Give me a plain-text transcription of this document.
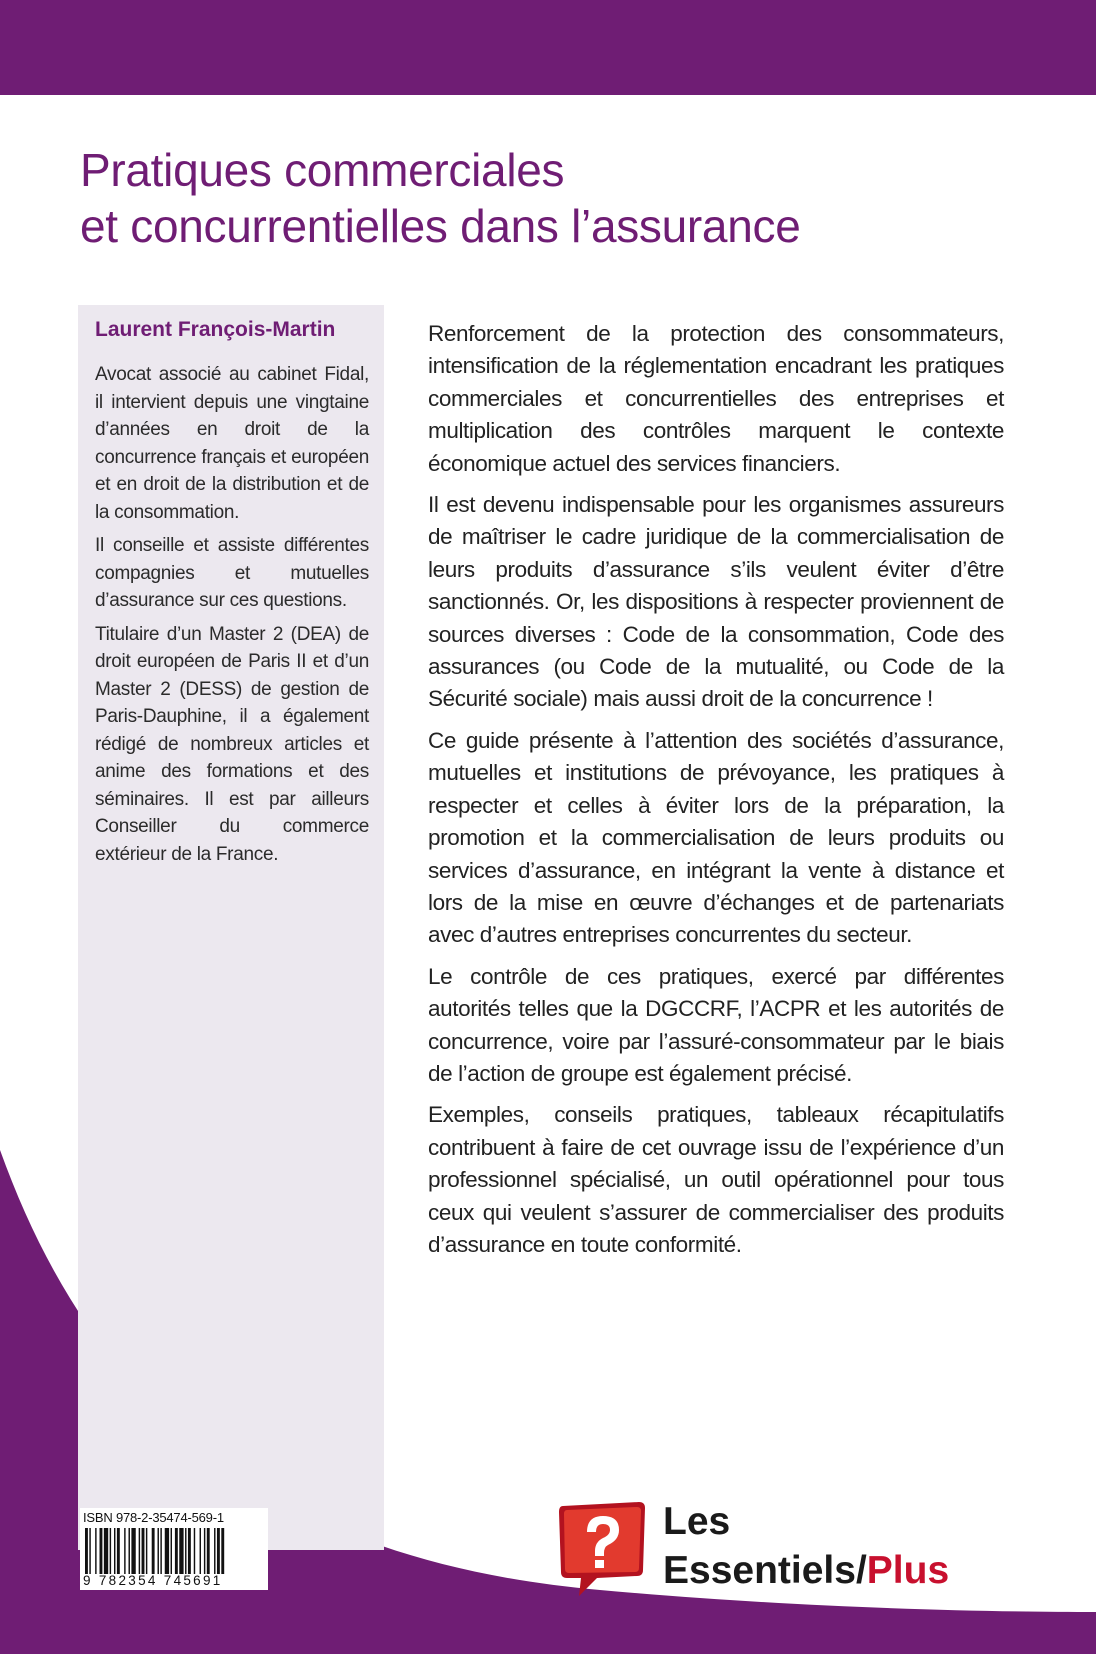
Pratiques commerciales
et concurrentielles dans l’assurance
Laurent François-Martin

Avocat associé au cabinet Fidal, il intervient depuis une vingtaine d’années en droit de la concurrence français et européen et en droit de la distribution et de la consommation.

Il conseille et assiste différentes compagnies et mutuelles d’assurance sur ces questions.

Titulaire d’un Master 2 (DEA) de droit européen de Paris II et d’un Master 2 (DESS) de gestion de Paris-Dauphine, il a également rédigé de nombreux articles et anime des formations et des séminaires. Il est par ailleurs Conseiller du commerce extérieur de la France.

Renforcement de la protection des consommateurs, intensification de la réglementation encadrant les pratiques commerciales et concurrentielles des entreprises et multiplication des contrôles marquent le contexte économique actuel des services financiers.

Il est devenu indispensable pour les organismes assureurs de maîtriser le cadre juridique de la commercialisation de leurs produits d’assurance s’ils veulent éviter d’être sanctionnés. Or, les dispositions à respecter proviennent de sources diverses : Code de la consommation, Code des assurances (ou Code de la mutualité, ou Code de la Sécurité sociale) mais aussi droit de la concurrence !

Ce guide présente à l’attention des sociétés d’assurance, mutuelles et institutions de prévoyance, les pratiques à respecter et celles à éviter lors de la préparation, la promotion et la commercialisation de leurs produits ou services d’assurance, en intégrant la vente à distance et lors de la mise en œuvre d’échanges et de partenariats avec d’autres entreprises concurrentes du secteur.

Le contrôle de ces pratiques, exercé par différentes autorités telles que la DGCCRF, l’ACPR et les autorités de concurrence, voire par l’assuré-consommateur par le biais de l’action de groupe est également précisé.

Exemples, conseils pratiques, tableaux récapitulatifs contribuent à faire de cet ouvrage issu de l’expérience d’un professionnel spécialisé, un outil opérationnel pour tous ceux qui veulent s’assurer de commercialiser des produits d’assurance en toute conformité.

ISBN 978-2-35474-569-1
9 782354 745691
Les
Essentiels/Plus
